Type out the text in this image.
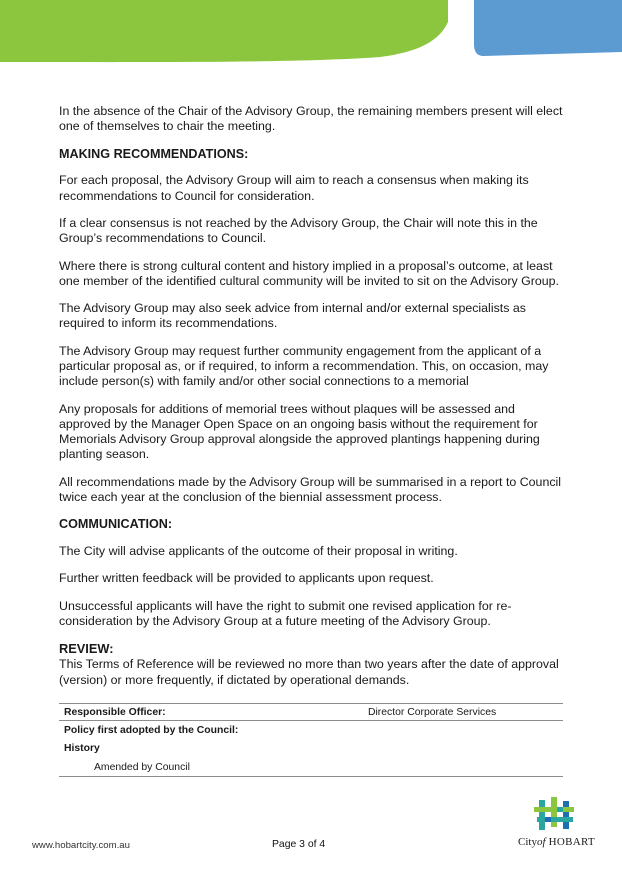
In the absence of the Chair of the Advisory Group, the remaining members present will elect one of themselves to chair the meeting.

MAKING RECOMMENDATIONS:

For each proposal, the Advisory Group will aim to reach a consensus when making its recommendations to Council for consideration.

If a clear consensus is not reached by the Advisory Group, the Chair will note this in the Group’s recommendations to Council.

Where there is strong cultural content and history implied in a proposal’s outcome, at least one member of the identified cultural community will be invited to sit on the Advisory Group.

The Advisory Group may also seek advice from internal and/or external specialists as required to inform its recommendations.

The Advisory Group may request further community engagement from the applicant of a particular proposal as, or if required, to inform a recommendation. This, on occasion, may include person(s) with family and/or other social connections to a memorial

Any proposals for additions of memorial trees without plaques will be assessed and approved by the Manager Open Space on an ongoing basis without the requirement for Memorials Advisory Group approval alongside the approved plantings happening during planting season.

All recommendations made by the Advisory Group will be summarised in a report to Council twice each year at the conclusion of the biennial assessment process.

COMMUNICATION:

The City will advise applicants of the outcome of their proposal in writing.

Further written feedback will be provided to applicants upon request.

Unsuccessful applicants will have the right to submit one revised application for re-consideration by the Advisory Group at a future meeting of the Advisory Group.

REVIEW:

This Terms of Reference will be reviewed no more than two years after the date of approval (version) or more frequently, if dictated by operational demands.

Responsible Officer:	Director Corporate Services
Policy first adopted by the Council:
History
Amended by Council
www.hobartcity.com.au	Page 3 of 4	Cityof HOBART
